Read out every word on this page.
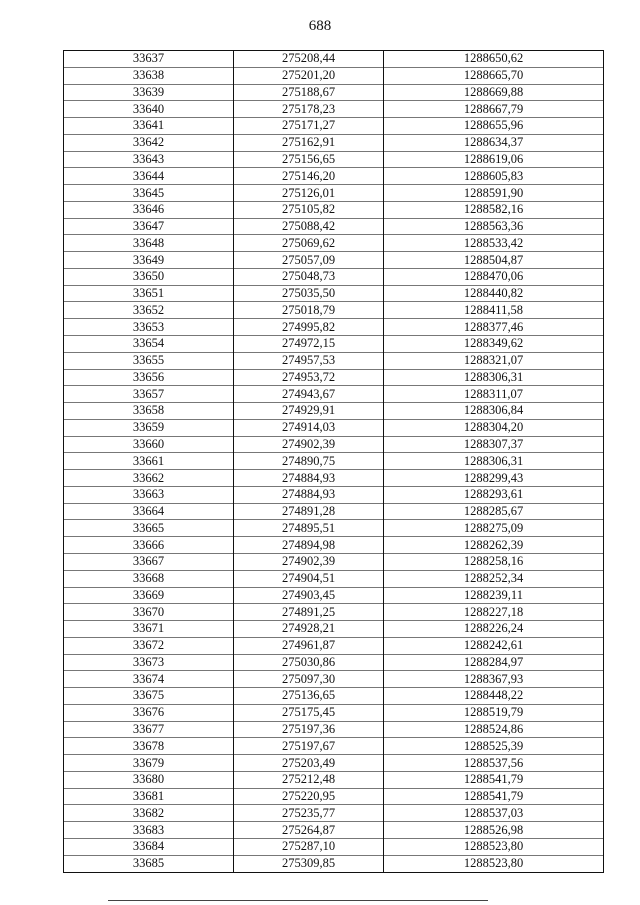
688
33637	275208,44	1288650,62
33638	275201,20	1288665,70
33639	275188,67	1288669,88
33640	275178,23	1288667,79
33641	275171,27	1288655,96
33642	275162,91	1288634,37
33643	275156,65	1288619,06
33644	275146,20	1288605,83
33645	275126,01	1288591,90
33646	275105,82	1288582,16
33647	275088,42	1288563,36
33648	275069,62	1288533,42
33649	275057,09	1288504,87
33650	275048,73	1288470,06
33651	275035,50	1288440,82
33652	275018,79	1288411,58
33653	274995,82	1288377,46
33654	274972,15	1288349,62
33655	274957,53	1288321,07
33656	274953,72	1288306,31
33657	274943,67	1288311,07
33658	274929,91	1288306,84
33659	274914,03	1288304,20
33660	274902,39	1288307,37
33661	274890,75	1288306,31
33662	274884,93	1288299,43
33663	274884,93	1288293,61
33664	274891,28	1288285,67
33665	274895,51	1288275,09
33666	274894,98	1288262,39
33667	274902,39	1288258,16
33668	274904,51	1288252,34
33669	274903,45	1288239,11
33670	274891,25	1288227,18
33671	274928,21	1288226,24
33672	274961,87	1288242,61
33673	275030,86	1288284,97
33674	275097,30	1288367,93
33675	275136,65	1288448,22
33676	275175,45	1288519,79
33677	275197,36	1288524,86
33678	275197,67	1288525,39
33679	275203,49	1288537,56
33680	275212,48	1288541,79
33681	275220,95	1288541,79
33682	275235,77	1288537,03
33683	275264,87	1288526,98
33684	275287,10	1288523,80
33685	275309,85	1288523,80
